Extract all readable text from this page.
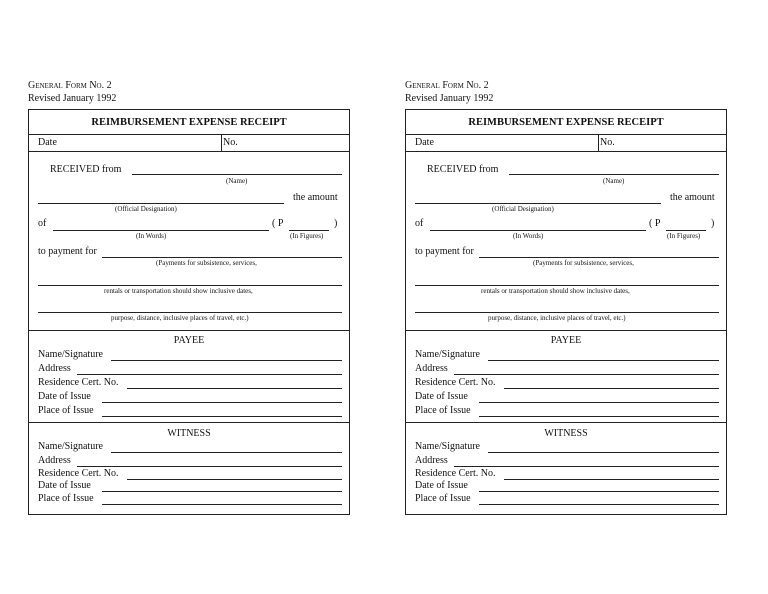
General Form No. 2
Revised January 1992
REIMBURSEMENT EXPENSE RECEIPT
Date	No.
RECEIVED from
(Name)
the amount
(Official Designation)
of	( P	)
(In Words)	(In Figures)
to payment for
(Payments for subsistence, services,
rentals or transportation should show inclusive dates,
purpose, distance, inclusive places of travel, etc.)
PAYEE
Name/Signature
Address
Residence Cert. No.
Date of Issue
Place of Issue
WITNESS
Name/Signature
Address
Residence Cert. No.
Date of Issue
Place of Issue
General Form No. 2
Revised January 1992
REIMBURSEMENT EXPENSE RECEIPT
Date	No.
RECEIVED from
(Name)
the amount
(Official Designation)
of	( P	)
(In Words)	(In Figures)
to payment for
(Payments for subsistence, services,
rentals or transportation should show inclusive dates,
purpose, distance, inclusive places of travel, etc.)
PAYEE
Name/Signature
Address
Residence Cert. No.
Date of Issue
Place of Issue
WITNESS
Name/Signature
Address
Residence Cert. No.
Date of Issue
Place of Issue
